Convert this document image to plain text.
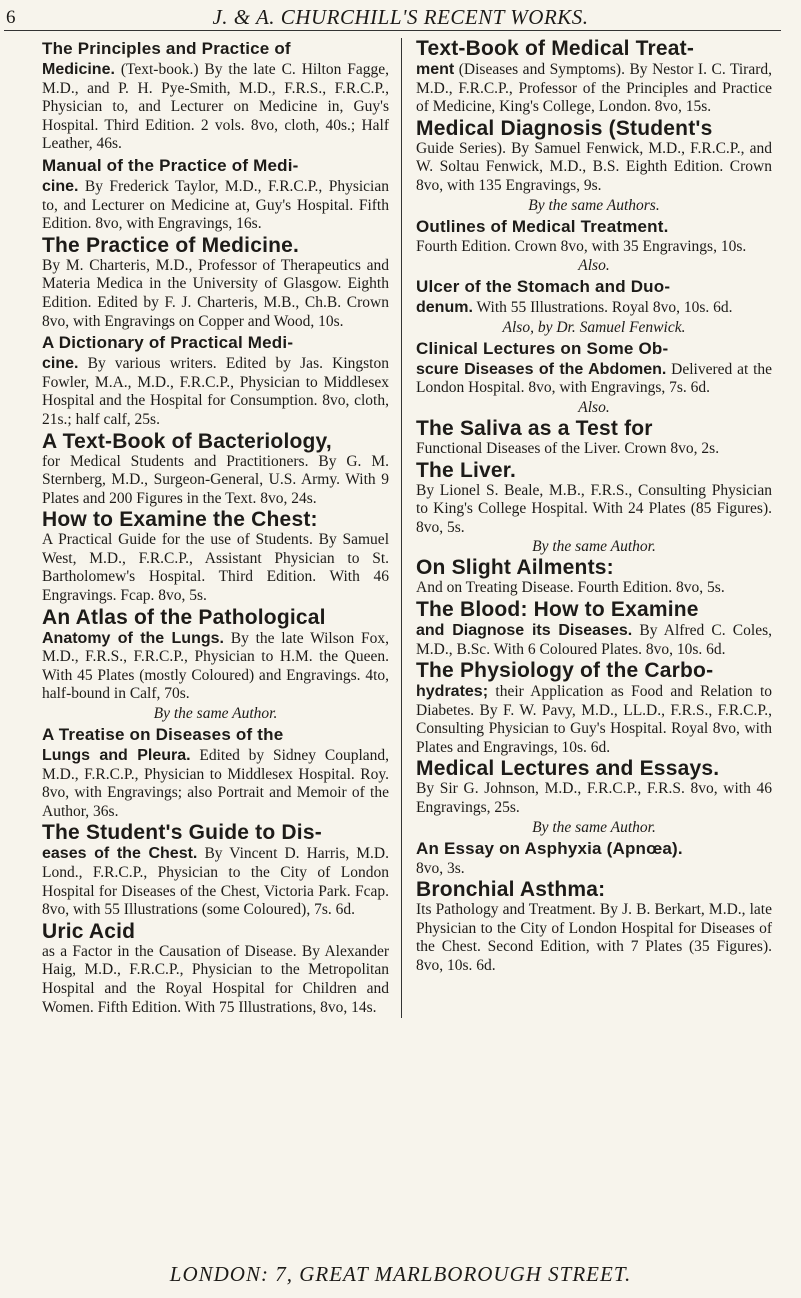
6	J. & A. CHURCHILL'S RECENT WORKS.
The Principles and Practice of
Medicine. (Text-book.) By the late C. Hilton Fagge, M.D., and P. H. Pye-Smith, M.D., F.R.S., F.R.C.P., Physician to, and Lecturer on Medicine in, Guy's Hospital. Third Edition. 2 vols. 8vo, cloth, 40s.; Half Leather, 46s.
Manual of the Practice of Medi-
cine. By Frederick Taylor, M.D., F.R.C.P., Physician to, and Lecturer on Medicine at, Guy's Hospital. Fifth Edition. 8vo, with Engravings, 16s.
The Practice of Medicine.
By M. Charteris, M.D., Professor of Therapeutics and Materia Medica in the University of Glasgow. Eighth Edition. Edited by F. J. Charteris, M.B., Ch.B. Crown 8vo, with Engravings on Copper and Wood, 10s.
A Dictionary of Practical Medi-
cine. By various writers. Edited by Jas. Kingston Fowler, M.A., M.D., F.R.C.P., Physician to Middlesex Hospital and the Hospital for Consumption. 8vo, cloth, 21s.; half calf, 25s.
A Text-Book of Bacteriology,
for Medical Students and Practitioners. By G. M. Sternberg, M.D., Surgeon-General, U.S. Army. With 9 Plates and 200 Figures in the Text. 8vo, 24s.
How to Examine the Chest:
A Practical Guide for the use of Students. By Samuel West, M.D., F.R.C.P., Assistant Physician to St. Bartholomew's Hospital. Third Edition. With 46 Engravings. Fcap. 8vo, 5s.
An Atlas of the Pathological
Anatomy of the Lungs. By the late Wilson Fox, M.D., F.R.S., F.R.C.P., Physician to H.M. the Queen. With 45 Plates (mostly Coloured) and Engravings. 4to, half-bound in Calf, 70s.
By the same Author.
A Treatise on Diseases of the
Lungs and Pleura. Edited by Sidney Coupland, M.D., F.R.C.P., Physician to Middlesex Hospital. Roy. 8vo, with Engravings; also Portrait and Memoir of the Author, 36s.
The Student's Guide to Dis-
eases of the Chest. By Vincent D. Harris, M.D. Lond., F.R.C.P., Physician to the City of London Hospital for Diseases of the Chest, Victoria Park. Fcap. 8vo, with 55 Illustrations (some Coloured), 7s. 6d.
Uric Acid
as a Factor in the Causation of Disease. By Alexander Haig, M.D., F.R.C.P., Physician to the Metropolitan Hospital and the Royal Hospital for Children and Women. Fifth Edition. With 75 Illustrations, 8vo, 14s.
Text-Book of Medical Treat-
ment (Diseases and Symptoms). By Nestor I. C. Tirard, M.D., F.R.C.P., Professor of the Principles and Practice of Medicine, King's College, London. 8vo, 15s.
Medical Diagnosis (Student's
Guide Series). By Samuel Fenwick, M.D., F.R.C.P., and W. Soltau Fenwick, M.D., B.S. Eighth Edition. Crown 8vo, with 135 Engravings, 9s.
By the same Authors.
Outlines of Medical Treatment.
Fourth Edition. Crown 8vo, with 35 Engravings, 10s.
Also.
Ulcer of the Stomach and Duo-
denum. With 55 Illustrations. Royal 8vo, 10s. 6d.
Also, by Dr. Samuel Fenwick.
Clinical Lectures on Some Ob-
scure Diseases of the Abdomen. Delivered at the London Hospital. 8vo, with Engravings, 7s. 6d.
Also.
The Saliva as a Test for
Functional Diseases of the Liver. Crown 8vo, 2s.
The Liver.
By Lionel S. Beale, M.B., F.R.S., Consulting Physician to King's College Hospital. With 24 Plates (85 Figures). 8vo, 5s.
By the same Author.
On Slight Ailments:
And on Treating Disease. Fourth Edition. 8vo, 5s.
The Blood: How to Examine
and Diagnose its Diseases. By Alfred C. Coles, M.D., B.Sc. With 6 Coloured Plates. 8vo, 10s. 6d.
The Physiology of the Carbo-
hydrates; their Application as Food and Relation to Diabetes. By F. W. Pavy, M.D., LL.D., F.R.S., F.R.C.P., Consulting Physician to Guy's Hospital. Royal 8vo, with Plates and Engravings, 10s. 6d.
Medical Lectures and Essays.
By Sir G. Johnson, M.D., F.R.C.P., F.R.S. 8vo, with 46 Engravings, 25s.
By the same Author.
An Essay on Asphyxia (Apnœa).
8vo, 3s.
Bronchial Asthma:
Its Pathology and Treatment. By J. B. Berkart, M.D., late Physician to the City of London Hospital for Diseases of the Chest. Second Edition, with 7 Plates (35 Figures). 8vo, 10s. 6d.
LONDON: 7, GREAT MARLBOROUGH STREET.
